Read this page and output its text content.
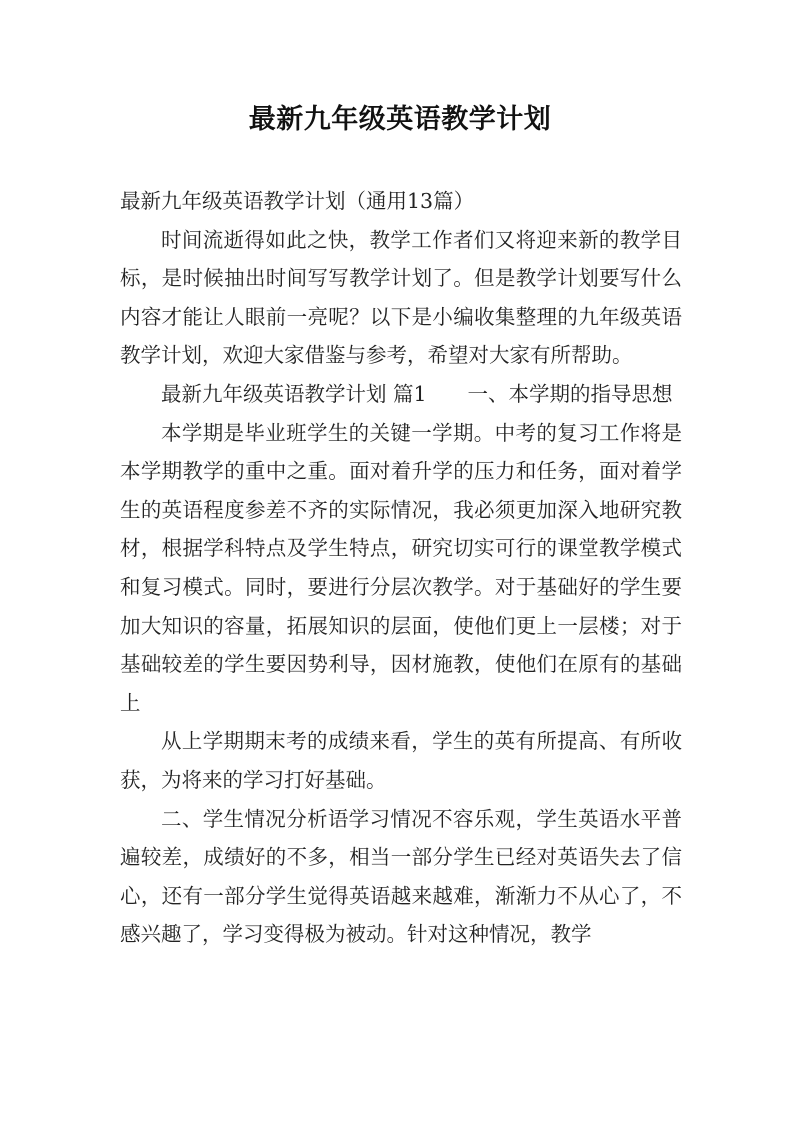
最新九年级英语教学计划

最新九年级英语教学计划（通用13篇）

时间流逝得如此之快，教学工作者们又将迎来新的教学目标，是时候抽出时间写写教学计划了。但是教学计划要写什么内容才能让人眼前一亮呢？以下是小编收集整理的九年级英语教学计划，欢迎大家借鉴与参考，希望对大家有所帮助。

最新九年级英语教学计划 篇1　　一、本学期的指导思想

本学期是毕业班学生的关键一学期。中考的复习工作将是本学期教学的重中之重。面对着升学的压力和任务，面对着学生的英语程度参差不齐的实际情况，我必须更加深入地研究教材，根据学科特点及学生特点，研究切实可行的课堂教学模式和复习模式。同时，要进行分层次教学。对于基础好的学生要加大知识的容量，拓展知识的层面，使他们更上一层楼；对于基础较差的学生要因势利导，因材施教，使他们在原有的基础上

从上学期期末考的成绩来看，学生的英有所提高、有所收获，为将来的学习打好基础。

二、学生情况分析语学习情况不容乐观，学生英语水平普遍较差，成绩好的不多，相当一部分学生已经对英语失去了信心，还有一部分学生觉得英语越来越难，渐渐力不从心了，不感兴趣了，学习变得极为被动。针对这种情况，教学
